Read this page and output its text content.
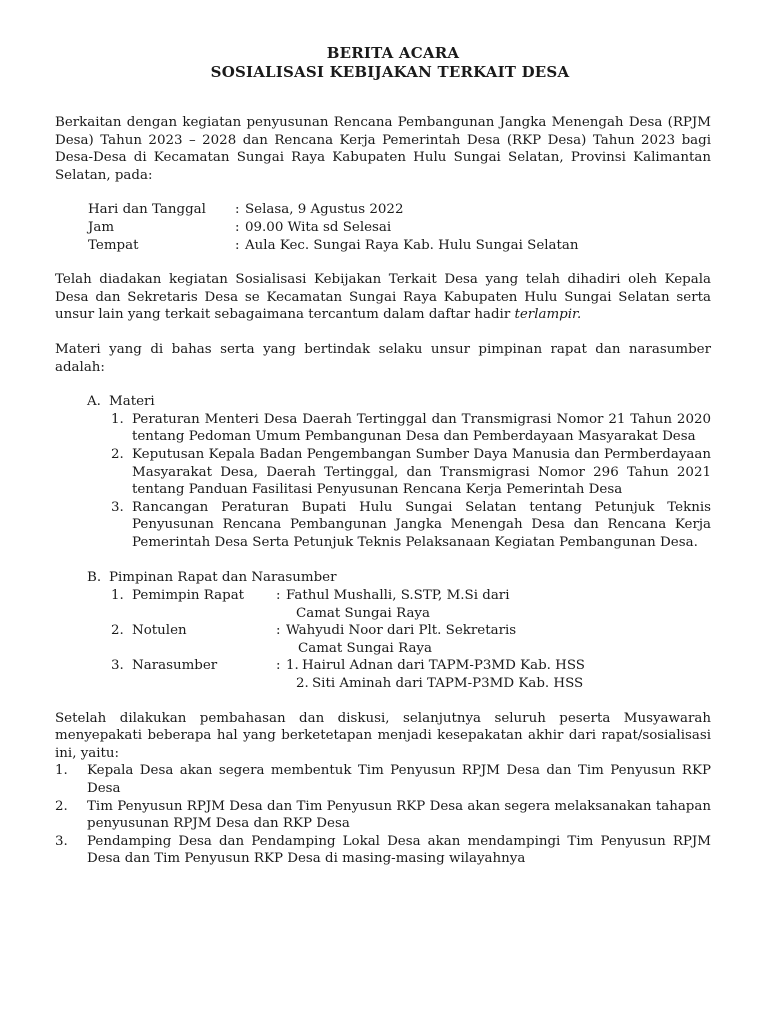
BERITA ACARA
SOSIALISASI KEBIJAKAN TERKAIT DESA

Berkaitan dengan kegiatan penyusunan Rencana Pembangunan Jangka Menengah Desa (RPJM Desa) Tahun 2023 – 2028 dan Rencana Kerja Pemerintah Desa (RKP Desa) Tahun 2023 bagi Desa-Desa di Kecamatan Sungai Raya Kabupaten Hulu Sungai Selatan, Provinsi Kalimantan Selatan, pada:

Hari dan Tanggal	: Selasa, 9 Agustus 2022
Jam	: 09.00 Wita sd Selesai
Tempat	: Aula Kec. Sungai Raya Kab. Hulu Sungai Selatan

Telah diadakan kegiatan Sosialisasi Kebijakan Terkait Desa yang telah dihadiri oleh Kepala Desa dan Sekretaris Desa se Kecamatan Sungai Raya Kabupaten Hulu Sungai Selatan serta unsur lain yang terkait sebagaimana tercantum dalam daftar hadir terlampir.

Materi yang di bahas serta yang bertindak selaku unsur pimpinan rapat dan narasumber adalah:

A. Materi
1. Peraturan Menteri Desa Daerah Tertinggal dan Transmigrasi Nomor 21 Tahun 2020 tentang Pedoman Umum Pembangunan Desa dan Pemberdayaan Masyarakat Desa
2. Keputusan Kepala Badan Pengembangan Sumber Daya Manusia dan Permberdayaan Masyarakat Desa, Daerah Tertinggal, dan Transmigrasi Nomor 296 Tahun 2021 tentang Panduan Fasilitasi Penyusunan Rencana Kerja Pemerintah Desa
3. Rancangan Peraturan Bupati Hulu Sungai Selatan tentang Petunjuk Teknis Penyusunan Rencana Pembangunan Jangka Menengah Desa dan Rencana Kerja Pemerintah Desa Serta Petunjuk Teknis Pelaksanaan Kegiatan Pembangunan Desa.
B. Pimpinan Rapat dan Narasumber
1. Pemimpin Rapat : Fathul Mushalli, S.STP, M.Si dari
Camat Sungai Raya
2. Notulen	: Wahyudi Noor dari Plt. Sekretaris
Camat Sungai Raya
3. Narasumber	: 1. Hairul Adnan dari TAPM-P3MD Kab. HSS
2. Siti Aminah dari TAPM-P3MD Kab. HSS

Setelah dilakukan pembahasan dan diskusi, selanjutnya seluruh peserta Musyawarah menyepakati beberapa hal yang berketetapan menjadi kesepakatan akhir dari rapat/sosialisasi ini, yaitu:

1.	Kepala Desa akan segera membentuk Tim Penyusun RPJM Desa dan Tim Penyusun RKP Desa
2.	Tim Penyusun RPJM Desa dan Tim Penyusun RKP Desa akan segera melaksanakan tahapan penyusunan RPJM Desa dan RKP Desa
3.	Pendamping Desa dan Pendamping Lokal Desa akan mendampingi Tim Penyusun RPJM Desa dan Tim Penyusun RKP Desa di masing-masing wilayahnya
